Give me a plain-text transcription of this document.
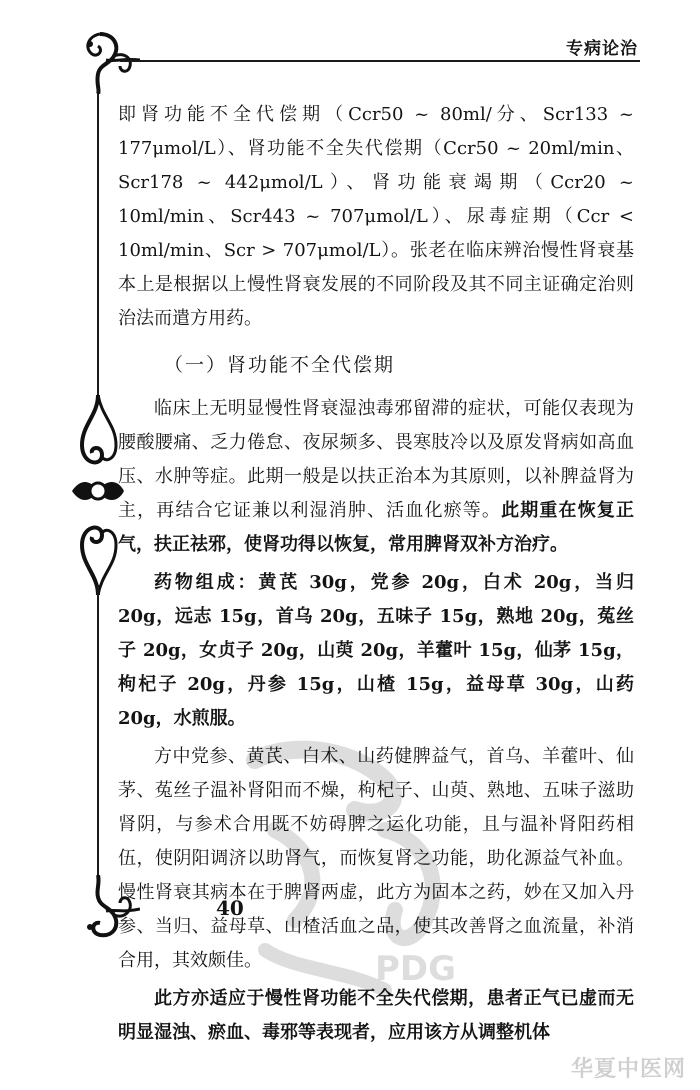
专病论治

即肾功能不全代偿期（Ccr50 ~ 80ml/分、Scr133 ~ 177μmol/L）、肾功能不全失代偿期（Ccr50 ~ 20ml/min、Scr178 ~ 442μmol/L）、肾功能衰竭期（Ccr20 ~ 10ml/min、Scr443 ~ 707μmol/L）、尿毒症期（Ccr < 10ml/min、Scr > 707μmol/L）。张老在临床辨治慢性肾衰基本上是根据以上慢性肾衰发展的不同阶段及其不同主证确定治则治法而遣方用药。

（一）肾功能不全代偿期

临床上无明显慢性肾衰湿浊毒邪留滞的症状，可能仅表现为腰酸腰痛、乏力倦怠、夜尿频多、畏寒肢冷以及原发肾病如高血压、水肿等症。此期一般是以扶正治本为其原则，以补脾益肾为主，再结合它证兼以利湿消肿、活血化瘀等。此期重在恢复正气，扶正祛邪，使肾功得以恢复，常用脾肾双补方治疗。

药物组成：黄芪 30g，党参 20g，白术 20g，当归 20g，远志 15g，首乌 20g，五味子 15g，熟地 20g，菟丝子 20g，女贞子 20g，山萸 20g，羊藿叶 15g，仙茅 15g，枸杞子 20g，丹参 15g，山楂 15g，益母草 30g，山药 20g，水煎服。

方中党参、黄芪、白术、山药健脾益气，首乌、羊藿叶、仙茅、菟丝子温补肾阳而不燥，枸杞子、山萸、熟地、五味子滋助肾阴，与参术合用既不妨碍脾之运化功能，且与温补肾阳药相伍，使阴阳调济以助肾气，而恢复肾之功能，助化源益气补血。慢性肾衰其病本在于脾肾两虚，此方为固本之药，妙在又加入丹参、当归、益母草、山楂活血之品，使其改善肾之血流量，补消合用，其效颇佳。

此方亦适应于慢性肾功能不全失代偿期，患者正气已虚而无明显湿浊、瘀血、毒邪等表现者，应用该方从调整机体

40
PDG
华夏中医网
